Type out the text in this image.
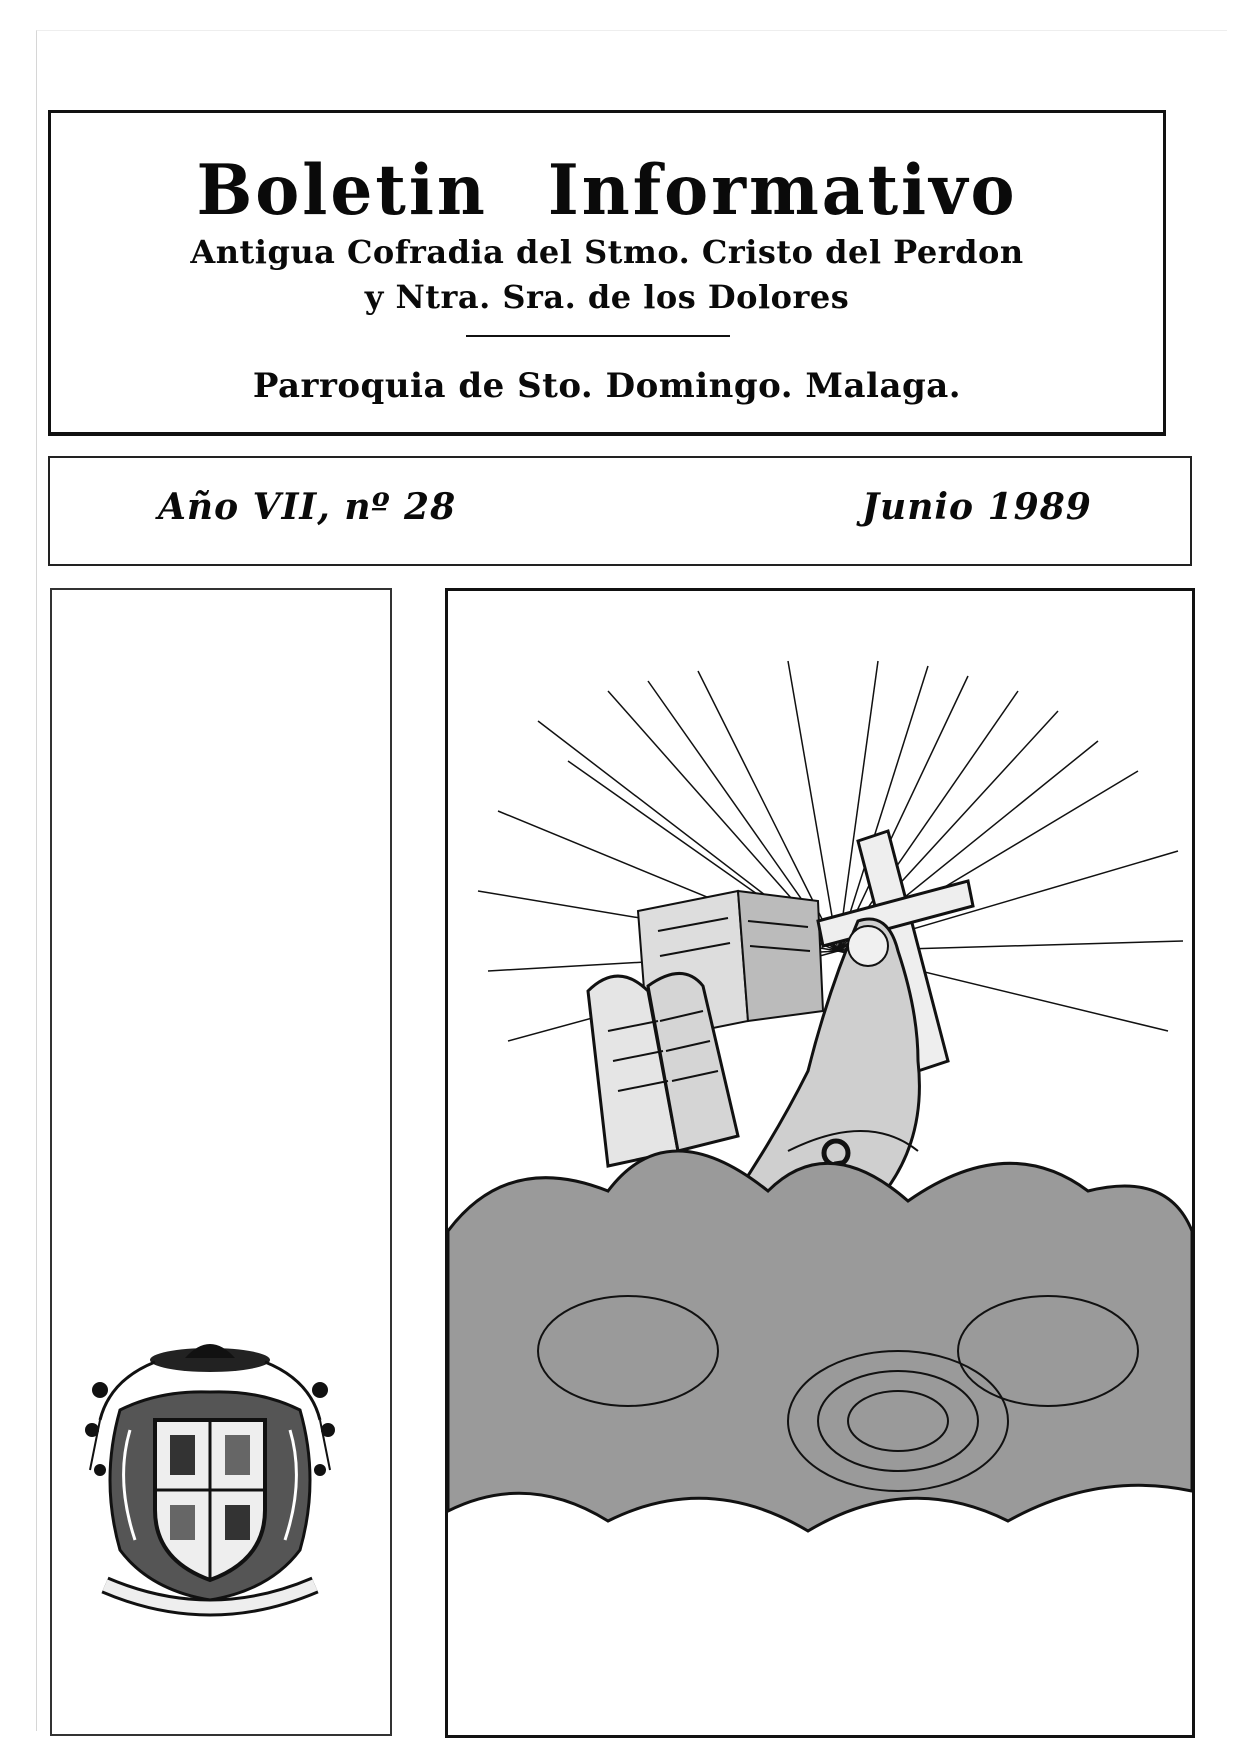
Boletin Informativo
Antigua Cofradia del Stmo. Cristo del Perdon
y Ntra. Sra. de los Dolores
Parroquia de Sto. Domingo. Malaga.
Año VII, nº 28	Junio 1989
